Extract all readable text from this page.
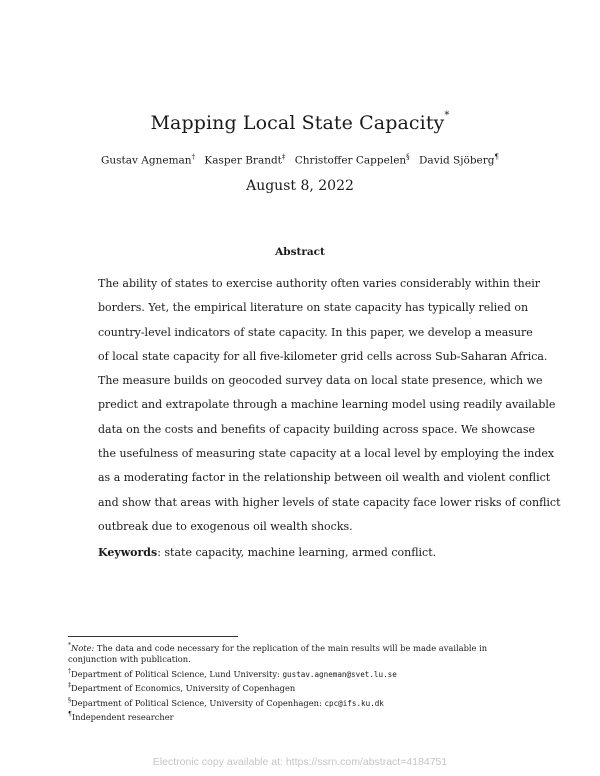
Mapping Local State Capacity*
Gustav Agneman† Kasper Brandt‡ Christoffer Cappelen§ David Sjöberg¶
August 8, 2022
Abstract
The ability of states to exercise authority often varies considerably within their
borders. Yet, the empirical literature on state capacity has typically relied on
country-level indicators of state capacity. In this paper, we develop a measure
of local state capacity for all five-kilometer grid cells across Sub-Saharan Africa.
The measure builds on geocoded survey data on local state presence, which we
predict and extrapolate through a machine learning model using readily available
data on the costs and benefits of capacity building across space. We showcase
the usefulness of measuring state capacity at a local level by employing the index
as a moderating factor in the relationship between oil wealth and violent conflict
and show that areas with higher levels of state capacity face lower risks of conflict
outbreak due to exogenous oil wealth shocks.
Keywords: state capacity, machine learning, armed conflict.
*Note: The data and code necessary for the replication of the main results will be made available in
conjunction with publication.
†Department of Political Science, Lund University: gustav.agneman@svet.lu.se
‡Department of Economics, University of Copenhagen
§Department of Political Science, University of Copenhagen: cpc@ifs.ku.dk
¶Independent researcher
Electronic copy available at: https://ssrn.com/abstract=4184751
